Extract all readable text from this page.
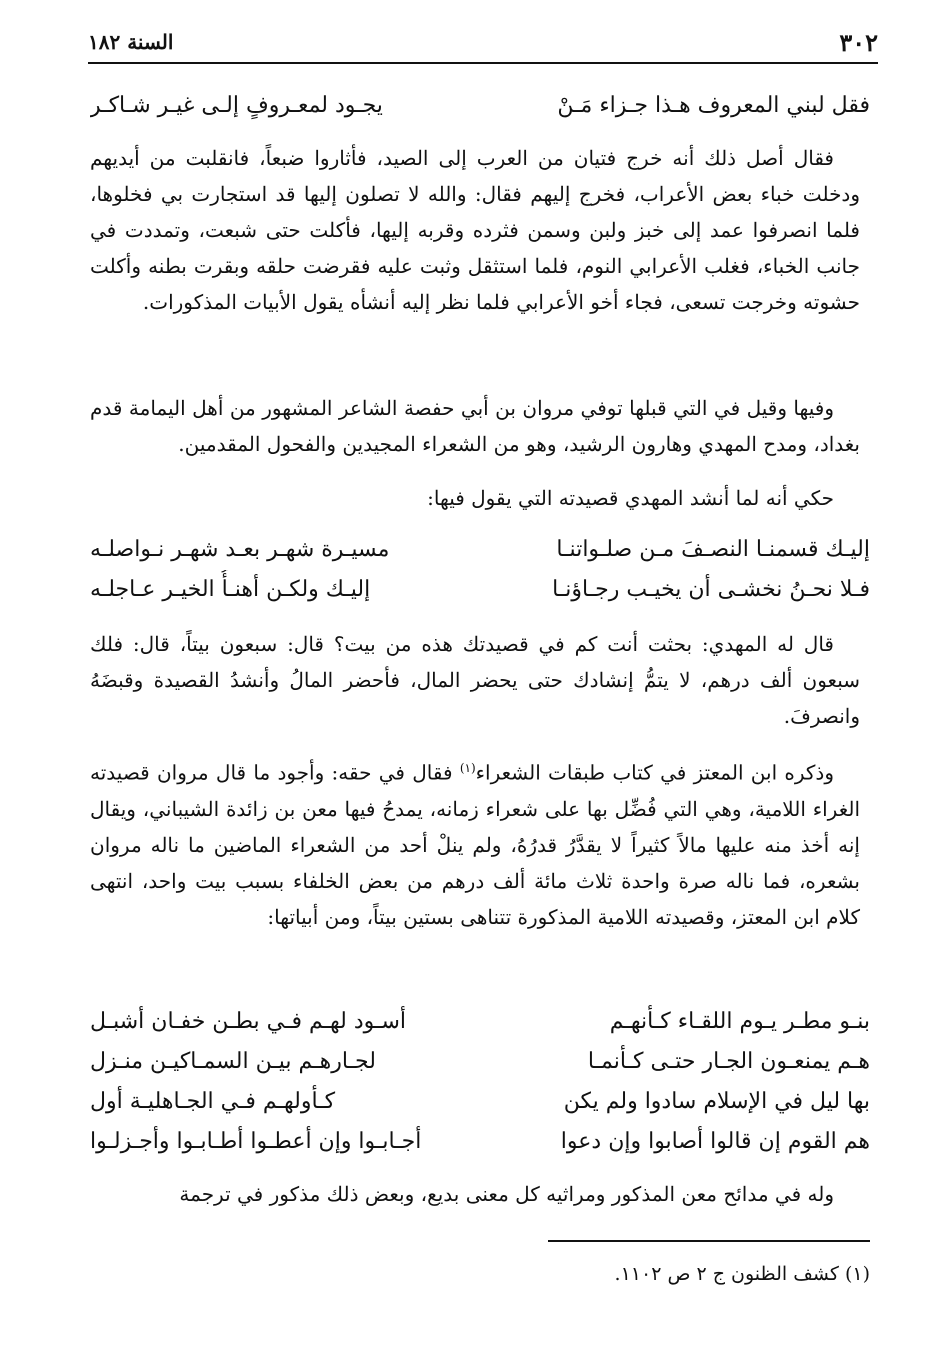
٣٠٢
السنة ١٨٢
فقل لبني المعروف هـذا جـزاء مَـنْ
يجـود لمعـروفٍ إلـى غيـر شـاكـر

فقال أصل ذلك أنه خرج فتيان من العرب إلى الصيد، فأثاروا ضبعاً، فانقلبت من أيديهم ودخلت خباء بعض الأعراب، فخرج إليهم فقال: والله لا تصلون إليها قد استجارت بي فخلوها، فلما انصرفوا عمد إلى خبز ولبن وسمن فثرده وقربه إليها، فأكلت حتى شبعت، وتمددت في جانب الخباء، فغلب الأعرابي النوم، فلما استثقل وثبت عليه فقرضت حلقه وبقرت بطنه وأكلت حشوته وخرجت تسعى، فجاء أخو الأعرابي فلما نظر إليه أنشأه يقول الأبيات المذكورات.

وفيها وقيل في التي قبلها توفي مروان بن أبي حفصة الشاعر المشهور من أهل اليمامة قدم بغداد، ومدح المهدي وهارون الرشيد، وهو من الشعراء المجيدين والفحول المقدمين.

حكي أنه لما أنشد المهدي قصيدته التي يقول فيها:

إليـك قسمنـا النصـفَ مـن صلـواتنـا
مسيـرة شهـر بعـد شهـر نـواصلـه
فـلا نحـنُ نخشـى أن يخيـب رجـاؤنـا
إليـك ولكـن أهنـأُ الخيـر عـاجلـه

قال له المهدي: بحثت أنت كم في قصيدتك هذه من بيت؟ قال: سبعون بيتاً، قال: فلك سبعون ألف درهم، لا يتمُّ إنشادك حتى يحضر المال، فأحضر المالُ وأنشدُ القصيدة وقبضَهُ وانصرفَ.

وذكره ابن المعتز في كتاب طبقات الشعراء$^{(١)}$ فقال في حقه: وأجود ما قال مروان قصيدته الغراء اللامية، وهي التي فُضِّل بها على شعراء زمانه، يمدحُ فيها معن بن زائدة الشيباني، ويقال إنه أخذ منه عليها مالاً كثيراً لا يقدَّرُ قدرُهُ، ولم ينلْ أحد من الشعراء الماضين ما ناله مروان بشعره، فما ناله صرة واحدة ثلاث مائة ألف درهم من بعض الخلفاء بسبب بيت واحد، انتهى كلام ابن المعتز، وقصيدته اللامية المذكورة تتناهى بستين بيتاً، ومن أبياتها:

بنـو مطـر يـوم اللقـاء كـأنهـم
أسـود لهـم فـي بطـن خفـان أشبـل
هـم يمنعـون الجـار حتـى كـأنمـا
لجـارهـم بيـن السمـاكيـن منـزل
بها ليل في الإسلام سادوا ولم يكن
كـأولهـم فـي الجـاهليـة أول
هم القوم إن قالوا أصابوا وإن دعوا
أجـابـوا وإن أعطـوا أطـابـوا وأجـزلـوا

وله في مدائح معن المذكور ومراثيه كل معنى بديع، وبعض ذلك مذكور في ترجمة

(١) كشف الظنون ج ٢ ص ١١٠٢.
